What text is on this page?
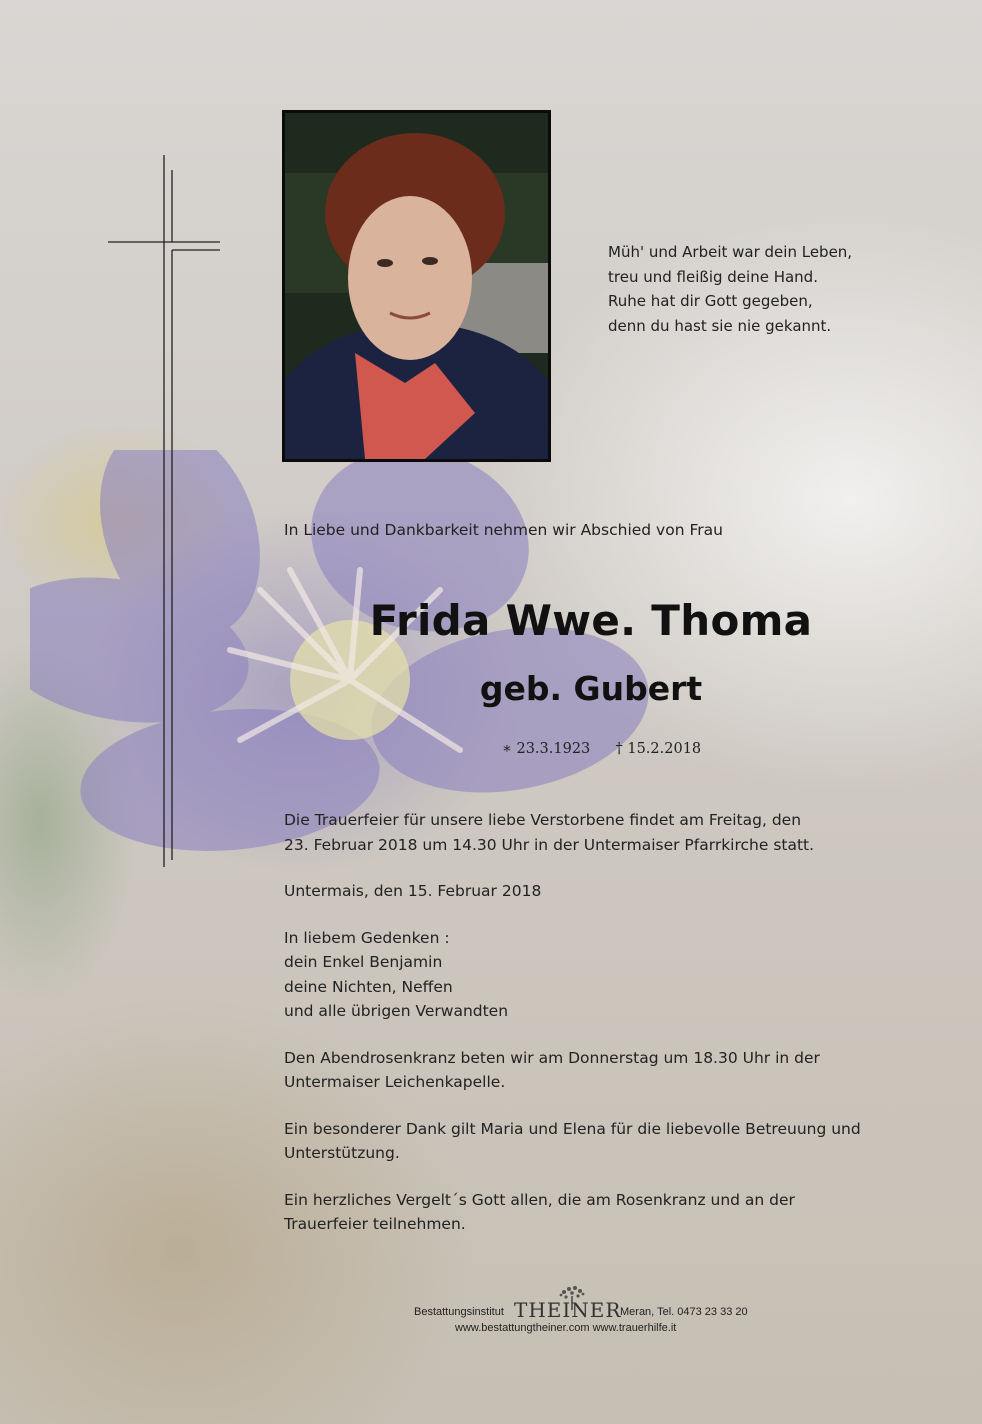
Müh' und Arbeit war dein Leben,
treu und fleißig deine Hand.
Ruhe hat dir Gott gegeben,
denn du hast sie nie gekannt.
In Liebe und Dankbarkeit nehmen wir Abschied von Frau
Frida Wwe. Thoma
geb. Gubert
∗ 23.3.1923 † 15.2.2018

Die Trauerfeier für unsere liebe Verstorbene findet am Freitag, den
23. Februar 2018 um 14.30 Uhr in der Untermaiser Pfarrkirche statt.

Untermais, den 15. Februar 2018

In liebem Gedenken :
dein Enkel Benjamin
deine Nichten, Neffen
und alle übrigen Verwandten

Den Abendrosenkranz beten wir am Donnerstag um 18.30 Uhr in der
Untermaiser Leichenkapelle.

Ein besonderer Dank gilt Maria und Elena für die liebevolle Betreuung und
Unterstützung.

Ein herzliches Vergelt´s Gott allen, die am Rosenkranz und an der
Trauerfeier teilnehmen.

Bestattungsinstitut THEINER
Meran, Tel. 0473 23 33 20
www.bestattungtheiner.com www.trauerhilfe.it
